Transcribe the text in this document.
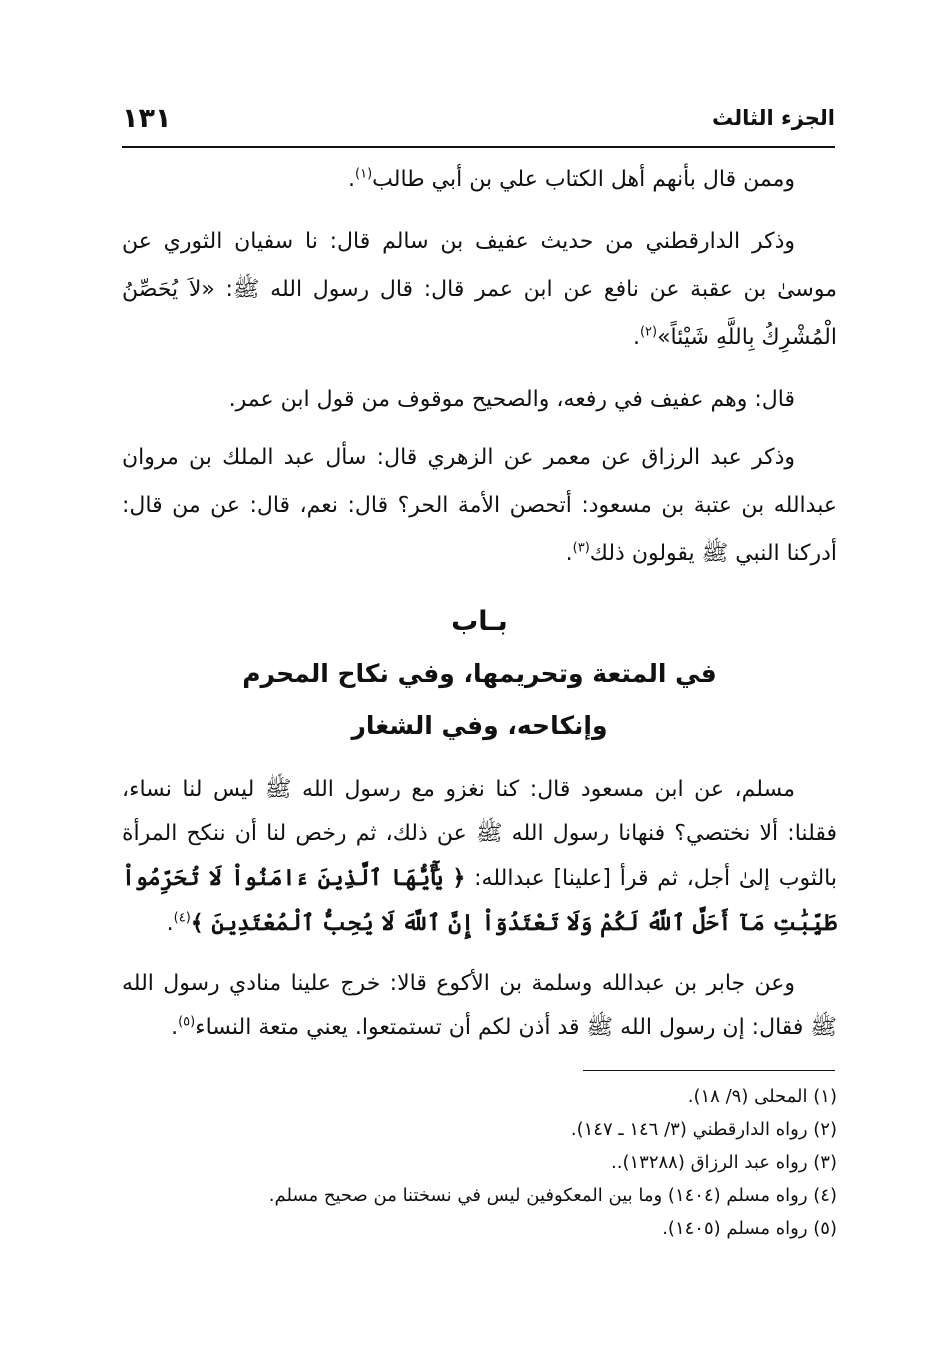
الجزء الثالث
١٣١

وممن قال بأنهم أهل الكتاب علي بن أبي طالب$^{(١)}$.

وذكر الدارقطني من حديث عفيف بن سالم قال: نا سفيان الثوري عن موسىٰ بن عقبة عن نافع عن ابن عمر قال: قال رسول الله ﷺ: «لاَ يُحَصِّنُ الْمُشْرِكُ بِاللَّهِ شَيْئاً»$^{(٢)}$.

قال: وهم عفيف في رفعه، والصحيح موقوف من قول ابن عمر.

وذكر عبد الرزاق عن معمر عن الزهري قال: سأل عبد الملك بن مروان عبدالله بن عتبة بن مسعود: أتحصن الأمة الحر؟ قال: نعم، قال: عن من قال: أدركنا النبي ﷺ يقولون ذلك$^{(٣)}$.

بـاب
في المتعة وتحريمها، وفي نكاح المحرم
وإنكاحه، وفي الشغار

مسلم، عن ابن مسعود قال: كنا نغزو مع رسول الله ﷺ ليس لنا نساء، فقلنا: ألا نختصي؟ فنهانا رسول الله ﷺ عن ذلك، ثم رخص لنا أن ننكح المرأة بالثوب إلىٰ أجل، ثم قرأ [علينا] عبدالله: ﴿ يَٰٓأَيُّهَا ٱلَّذِينَ ءَامَنُواْ لَا تُحَرِّمُواْ طَيِّبَٰتِ مَآ أَحَلَّ ٱللَّهُ لَكُمْ وَلَا تَعْتَدُوٓاْ إِنَّ ٱللَّهَ لَا يُحِبُّ ٱلْمُعْتَدِينَ ﴾$^{(٤)}$.

وعن جابر بن عبدالله وسلمة بن الأكوع قالا: خرج علينا منادي رسول الله ﷺ فقال: إن رسول الله ﷺ قد أذن لكم أن تستمتعوا. يعني متعة النساء$^{(٥)}$.

(١) المحلى (٩/ ١٨).

(٢) رواه الدارقطني (٣/ ١٤٦ ـ ١٤٧).

(٣) رواه عبد الرزاق (١٣٢٨٨)..

(٤) رواه مسلم (١٤٠٤) وما بين المعكوفين ليس في نسختنا من صحيح مسلم.

(٥) رواه مسلم (١٤٠٥).
